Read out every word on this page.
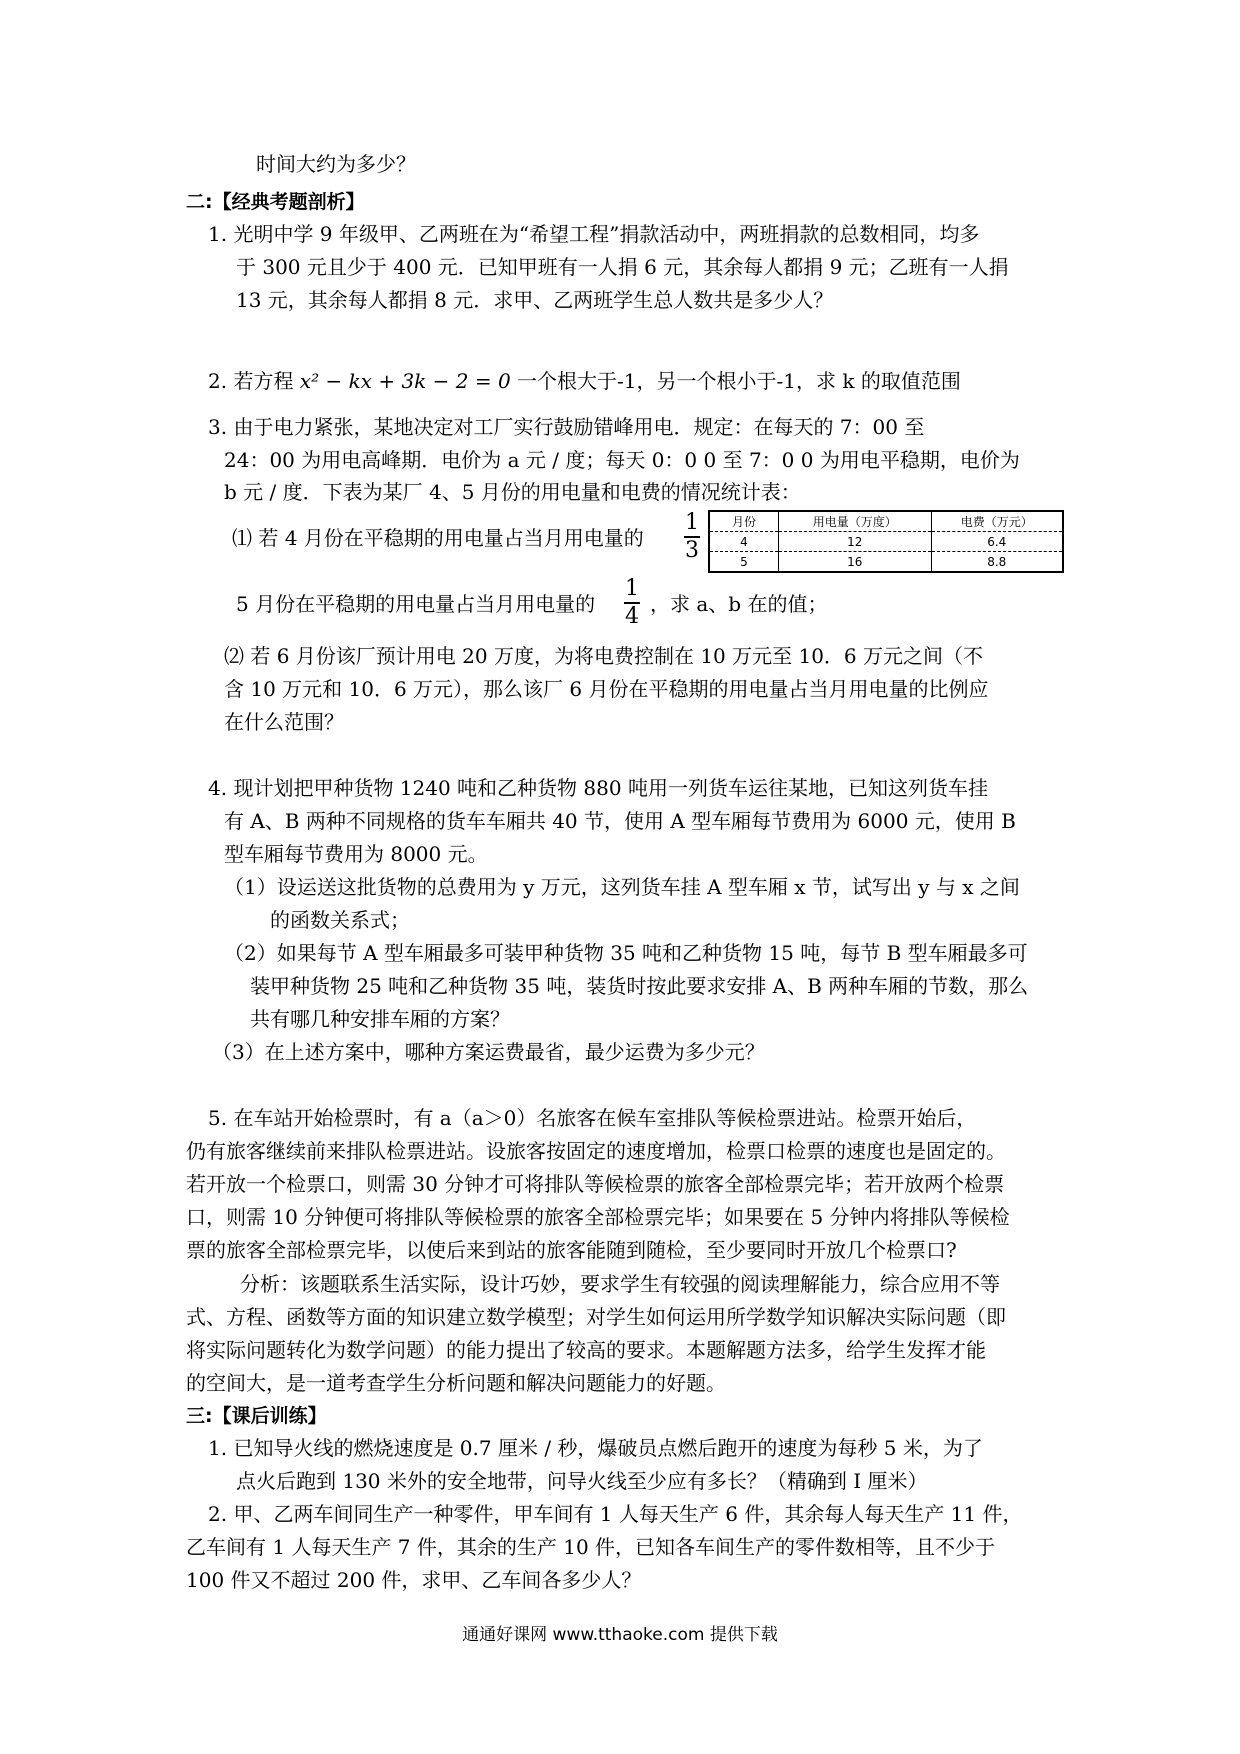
时间大约为多少？
二:【经典考题剖析】
1. 光明中学 9 年级甲、乙两班在为“希望工程”捐款活动中，两班捐款的总数相同，均多
于 300 元且少于 400 元．已知甲班有一人捐 6 元，其余每人都捐 9 元；乙班有一人捐
13 元，其余每人都捐 8 元．求甲、乙两班学生总人数共是多少人？
2. 若方程 x² − kx + 3k − 2 = 0 一个根大于-1，另一个根小于-1，求 k 的取值范围
3. 由于电力紧张，某地决定对工厂实行鼓励错峰用电．规定：在每天的 7：00 至
24：00 为用电高峰期．电价为 a 元 / 度；每天 0：0 0 至 7：0 0 为用电平稳期，电价为
b 元 / 度．下表为某厂 4、5 月份的用电量和电费的情况统计表：
⑴ 若 4 月份在平稳期的用电量占当月用电量的
1
3
月份	用电量（万度）	电费（万元）
4	12	6.4
5	16	8.8
5 月份在平稳期的用电量占当月用电量的
1
4 ，求 a、b 在的值；
⑵ 若 6 月份该厂预计用电 20 万度，为将电费控制在 10 万元至 10．6 万元之间（不
含 10 万元和 10．6 万元），那么该厂 6 月份在平稳期的用电量占当月用电量的比例应
在什么范围？
4. 现计划把甲种货物 1240 吨和乙种货物 880 吨用一列货车运往某地，已知这列货车挂
有 A、B 两种不同规格的货车车厢共 40 节，使用 A 型车厢每节费用为 6000 元，使用 B
型车厢每节费用为 8000 元。
（1）设运送这批货物的总费用为 y 万元，这列货车挂 A 型车厢 x 节，试写出 y 与 x 之间
的函数关系式；
（2）如果每节 A 型车厢最多可装甲种货物 35 吨和乙种货物 15 吨，每节 B 型车厢最多可
装甲种货物 25 吨和乙种货物 35 吨，装货时按此要求安排 A、B 两种车厢的节数，那么
共有哪几种安排车厢的方案？
（3）在上述方案中，哪种方案运费最省，最少运费为多少元？
5. 在车站开始检票时，有 a（a＞0）名旅客在候车室排队等候检票进站。检票开始后，
仍有旅客继续前来排队检票进站。设旅客按固定的速度增加，检票口检票的速度也是固定的。
若开放一个检票口，则需 30 分钟才可将排队等候检票的旅客全部检票完毕；若开放两个检票
口，则需 10 分钟便可将排队等候检票的旅客全部检票完毕；如果要在 5 分钟内将排队等候检
票的旅客全部检票完毕，以使后来到站的旅客能随到随检，至少要同时开放几个检票口?
分析：该题联系生活实际，设计巧妙，要求学生有较强的阅读理解能力，综合应用不等
式、方程、函数等方面的知识建立数学模型；对学生如何运用所学数学知识解决实际问题（即
将实际问题转化为数学问题）的能力提出了较高的要求。本题解题方法多，给学生发挥才能
的空间大，是一道考查学生分析问题和解决问题能力的好题。
三:【课后训练】
1. 已知导火线的燃烧速度是 0.7 厘米 / 秒，爆破员点燃后跑开的速度为每秒 5 米，为了
点火后跑到 130 米外的安全地带，问导火线至少应有多长？（精确到 I 厘米）
2. 甲、乙两车间同生产一种零件，甲车间有 1 人每天生产 6 件，其余每人每天生产 11 件，
乙车间有 1 人每天生产 7 件，其余的生产 10 件，已知各车间生产的零件数相等，且不少于
100 件又不超过 200 件，求甲、乙车间各多少人？
通通好课网 www.tthaoke.com 提供下载
